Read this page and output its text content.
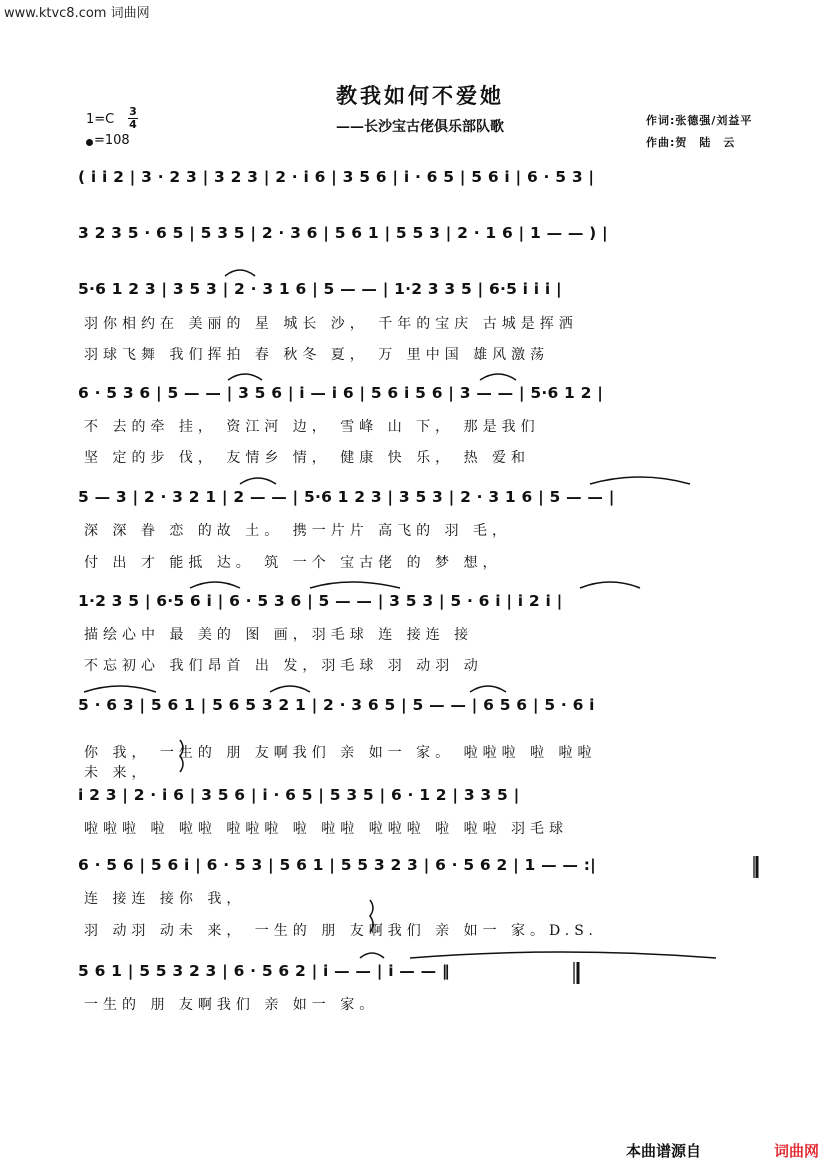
www.ktvc8.com 词曲网
教我如何不爱她
——长沙宝古佬俱乐部队歌
1=C
3
4
=108
作词:张德强/刘益平
作曲:贺　陆　云
( i i 2 | 3 · 2 3 | 3 2 3 | 2 · i 6 | 3 5 6 | i · 6 5 | 5 6 i | 6 · 5 3 |
3 2 3 5 · 6 5 | 5 3 5 | 2 · 3 6 | 5 6 1 | 5 5 3 | 2 · 1 6 | 1 — — ) |
5·6 1 2 3 | 3 5 3 | 2 · 3 1 6 | 5 — — | 1·2 3 3 5 | 6·5 i i i |
羽你相约在 美丽的 星 城长 沙， 千年的宝庆 古城是挥洒
羽球飞舞 我们挥拍 春 秋冬 夏， 万 里中国 雄风激荡
6 · 5 3 6 | 5 — — | 3 5 6 | i — i 6 | 5 6 i 5 6 | 3 — — | 5·6 1 2 |
不 去的牵 挂， 资江河 边， 雪峰 山 下， 那是我们
坚 定的步 伐， 友情乡 情， 健康 快 乐， 热 爱和
5 — 3 | 2 · 3 2 1 | 2 — — | 5·6 1 2 3 | 3 5 3 | 2 · 3 1 6 | 5 — — |
深 深 眷 恋 的故 土。 携一片片 高飞的 羽 毛，
付 出 才 能抵 达。 筑 一个 宝古佬 的 梦 想，
1·2 3 5 | 6·5 6 i | 6 · 5 3 6 | 5 — — | 3 5 3 | 5 · 6 i | i 2 i |
描绘心中 最 美的 图 画，羽毛球 连 接连 接
不忘初心 我们昂首 出 发，羽毛球 羽 动羽 动
5 · 6 3 | 5 6 1 | 5 6 5 3 2 1 | 2 · 3 6 5 | 5 — — | 6 5 6 | 5 · 6 i
你 我， 一生的 朋 友啊我们 亲 如一 家。 啦啦啦 啦 啦啦
未 来，
i 2 3 | 2 · i 6 | 3 5 6 | i · 6 5 | 5 3 5 | 6 · 1 2 | 3 3 5 |
啦啦啦 啦 啦啦 啦啦啦 啦 啦啦 啦啦啦 啦 啦啦 羽毛球
6 · 5 6 | 5 6 i | 6 · 5 3 | 5 6 1 | 5 5 3 2 3 | 6 · 5 6 2 | 1 — — :|
连 接连 接你 我，
羽 动羽 动未 来， 一生的 朋 友啊我们 亲 如一 家。D.S.
5 6 1 | 5 5 3 2 3 | 6 · 5 6 2 | i — — | i — — ‖
一生的 朋 友啊我们 亲 如一 家。
本曲谱源自	词曲网
